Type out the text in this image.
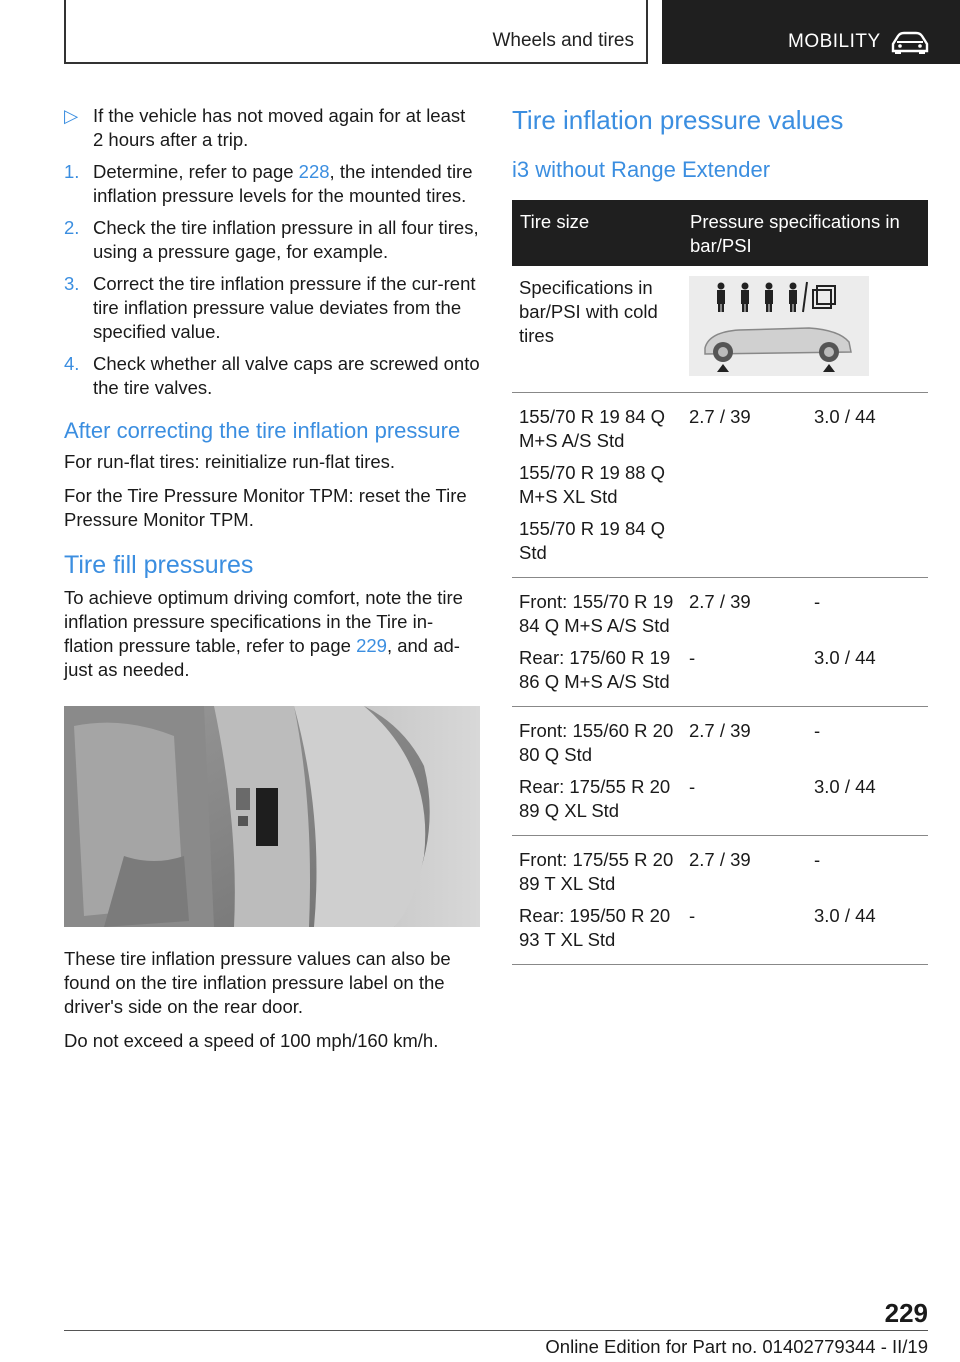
Wheels and tires	MOBILITY
▷ If the vehicle has not moved again for at least 2 hours after a trip.
1. Determine, refer to page 228, the intended tire inflation pressure levels for the mounted tires.
2. Check the tire inflation pressure in all four tires, using a pressure gage, for example.
3. Correct the tire inflation pressure if the cur‐rent tire inflation pressure value deviates from the specified value.
4. Check whether all valve caps are screwed onto the tire valves.
After correcting the tire inflation pressure

For run-flat tires: reinitialize run-flat tires.

For the Tire Pressure Monitor TPM: reset the Tire Pressure Monitor TPM.

Tire fill pressures

To achieve optimum driving comfort, note the tire inflation pressure specifications in the Tire in‐flation pressure table, refer to page 229, and ad‐just as needed.

These tire inflation pressure values can also be found on the tire inflation pressure label on the driver's side on the rear door.

Do not exceed a speed of 100 mph/160 km/h.

Tire inflation pressure values
i3 without Range Extender
Tire size	Pressure specifications in bar/PSI	
Specifications in bar/PSI with cold tires	
155/70 R 19 84 Q M+S A/S Std	2.7 / 39	3.0 / 44
155/70 R 19 88 Q M+S XL Std		
155/70 R 19 84 Q Std		
Front: 155/70 R 19 84 Q M+S A/S Std	2.7 / 39	-
Rear: 175/60 R 19 86 Q M+S A/S Std	-	3.0 / 44
Front: 155/60 R 20 80 Q Std	2.7 / 39	-
Rear: 175/55 R 20 89 Q XL Std	-	3.0 / 44
Front: 175/55 R 20 89 T XL Std	2.7 / 39	-
Rear: 195/50 R 20 93 T XL Std	-	3.0 / 44
229
Online Edition for Part no. 01402779344 - II/19
